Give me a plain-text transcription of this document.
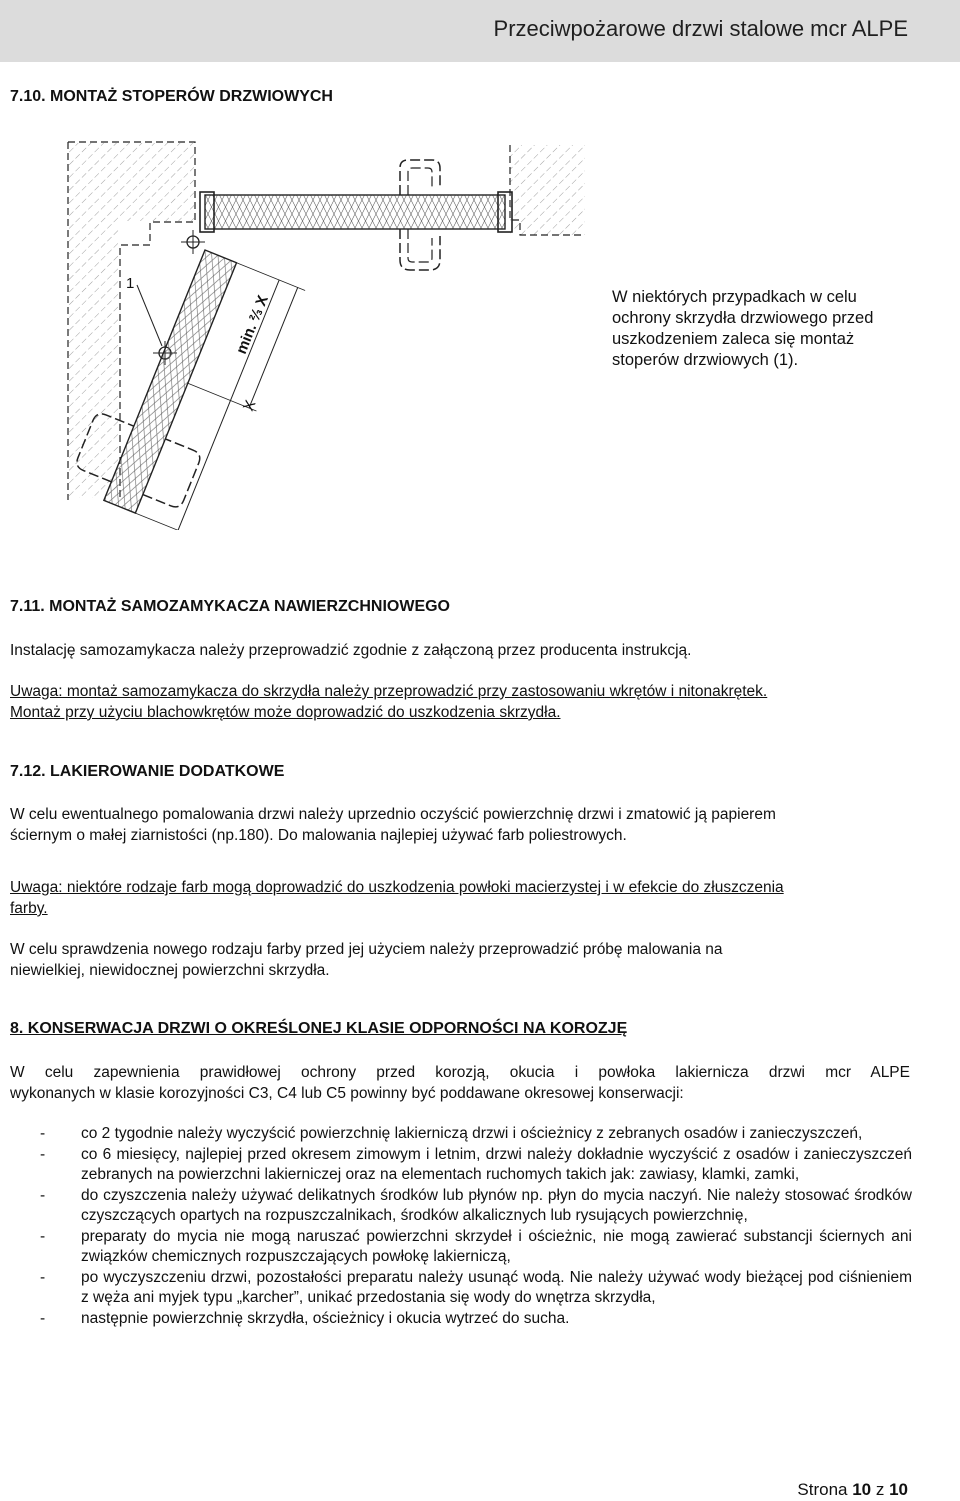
Przeciwpożarowe drzwi stalowe mcr ALPE
7.10. MONTAŻ STOPERÓW DRZWIOWYCH
1
min. ⅔ X
X
W niektórych przypadkach w celu
ochrony skrzydła drzwiowego przed
uszkodzeniem zaleca się montaż
stoperów drzwiowych (1).
7.11. MONTAŻ SAMOZAMYKACZA NAWIERZCHNIOWEGO
Instalację samozamykacza należy przeprowadzić zgodnie z załączoną przez producenta instrukcją.
Uwaga: montaż samozamykacza do skrzydła należy przeprowadzić przy zastosowaniu wkrętów i nitonakrętek.
Montaż przy użyciu blachowkrętów może doprowadzić do uszkodzenia skrzydła.
7.12. LAKIEROWANIE DODATKOWE
W celu ewentualnego pomalowania drzwi należy uprzednio oczyścić powierzchnię drzwi i zmatowić ją papierem
ściernym o małej ziarnistości (np.180). Do malowania najlepiej używać farb poliestrowych.
Uwaga: niektóre rodzaje farb mogą doprowadzić do uszkodzenia powłoki macierzystej i w efekcie do złuszczenia
farby.
W celu sprawdzenia nowego rodzaju farby przed jej użyciem należy przeprowadzić próbę malowania na
niewielkiej, niewidocznej powierzchni skrzydła.
8. KONSERWACJA DRZWI O OKREŚLONEJ KLASIE ODPORNOŚCI NA KOROZJĘ
W celu zapewnienia prawidłowej ochrony przed korozją, okucia i powłoka lakiernicza drzwi mcr ALPE
wykonanych w klasie korozyjności C3, C4 lub C5 powinny być poddawane okresowej konserwacji:
- co 2 tygodnie należy wyczyścić powierzchnię lakierniczą drzwi i ościeżnicy z zebranych osadów i zanieczyszczeń,
- co 6 miesięcy, najlepiej przed okresem zimowym i letnim, drzwi należy dokładnie wyczyścić z osadów i zanieczyszczeń zebranych na powierzchni lakierniczej oraz na elementach ruchomych takich jak: zawiasy, klamki, zamki,
- do czyszczenia należy używać delikatnych środków lub płynów np. płyn do mycia naczyń. Nie należy stosować środków czyszczących opartych na rozpuszczalnikach, środków alkalicznych lub rysujących powierzchnię,
- preparaty do mycia nie mogą naruszać powierzchni skrzydeł i ościeżnic, nie mogą zawierać substancji ściernych ani związków chemicznych rozpuszczających powłokę lakierniczą,
- po wyczyszczeniu drzwi, pozostałości preparatu należy usunąć wodą. Nie należy używać wody bieżącej pod ciśnieniem z węża ani myjek typu „karcher”, unikać przedostania się wody do wnętrza skrzydła,
- następnie powierzchnię skrzydła, ościeżnicy i okucia wytrzeć do sucha.
Strona 10 z 10
